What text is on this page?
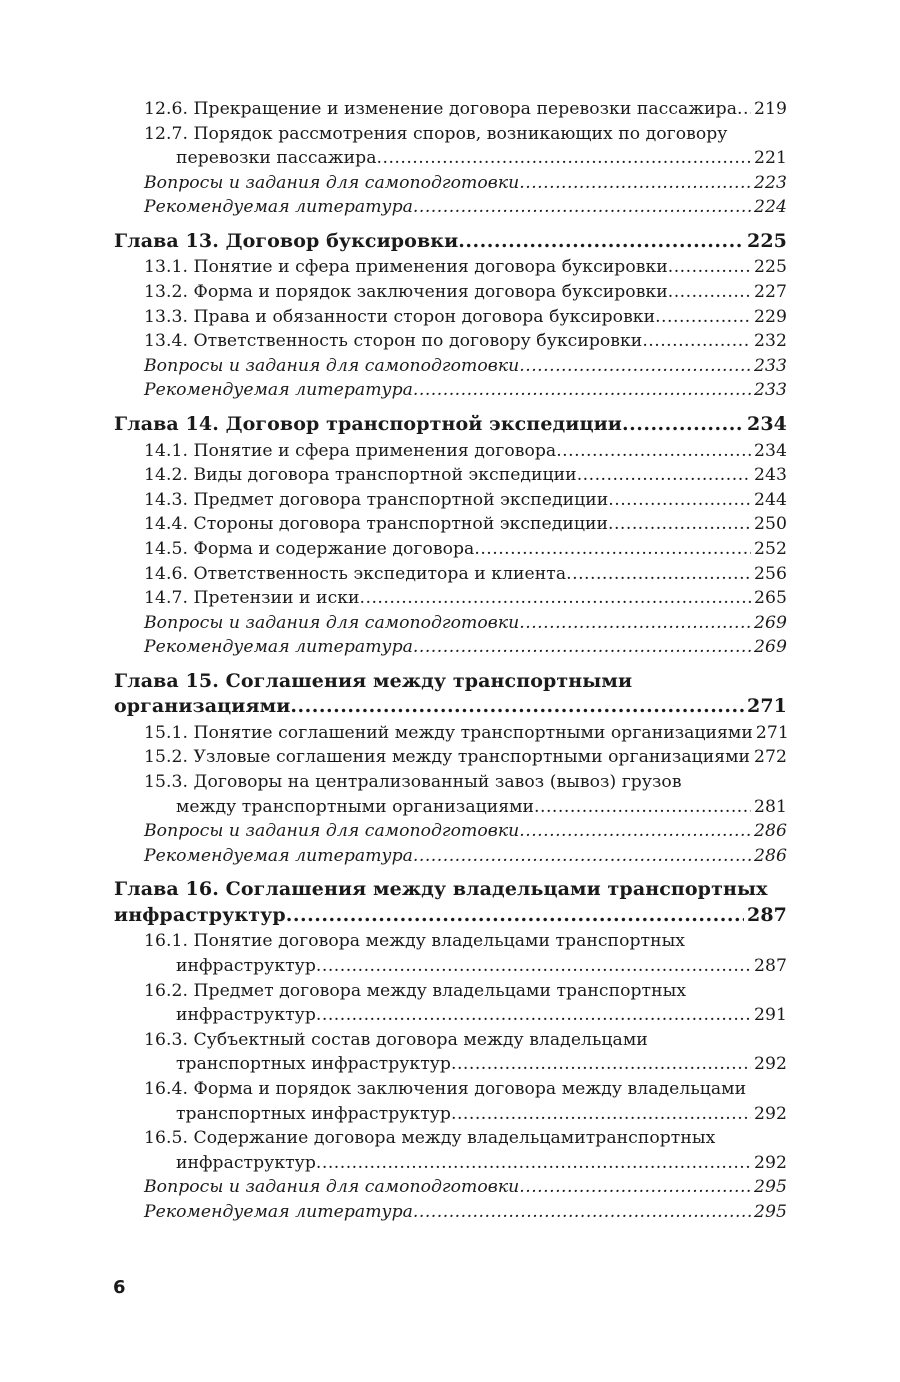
12.6. Прекращение и изменение договора перевозки пассажира ..... 219
12.7. Порядок рассмотрения споров, возникающих по договору
перевозки пассажира .....	221
Вопросы и задания для самоподготовки .....	223
Рекомендуемая литература .....	224
Глава 13. Договор буксировки .....	225
13.1. Понятие и сфера применения договора буксировки .....	225
13.2. Форма и порядок заключения договора буксировки .....	227
13.3. Права и обязанности сторон договора буксировки .....	229
13.4. Ответственность сторон по договору буксировки .....	232
Вопросы и задания для самоподготовки .....	233
Рекомендуемая литература .....	233
Глава 14. Договор транспортной экспедиции .....	234
14.1. Понятие и сфера применения договора .....	234
14.2. Виды договора транспортной экспедиции .....	243
14.3. Предмет договора транспортной экспедиции .....	244
14.4. Стороны договора транспортной экспедиции .....	250
14.5. Форма и содержание договора .....	252
14.6. Ответственность экспедитора и клиента .....	256
14.7. Претензии и иски .....	265
Вопросы и задания для самоподготовки .....	269
Рекомендуемая литература .....	269
Глава 15. Соглашения между транспортными
организациями .....	271
15.1. Понятие соглашений между транспортными организациями 271
15.2. Узловые соглашения между транспортными организациями ..... 272
15.3. Договоры на централизованный завоз (вывоз) грузов
между транспортными организациями .....	281
Вопросы и задания для самоподготовки .....	286
Рекомендуемая литература .....	286
Глава 16. Соглашения между владельцами транспортных
инфраструктур .....	287
16.1. Понятие договора между владельцами транспортных
инфраструктур .....	287
16.2. Предмет договора между владельцами транспортных
инфраструктур .....	291
16.3. Субъектный состав договора между владельцами
транспортных инфраструктур .....	292
16.4. Форма и порядок заключения договора между владельцами
транспортных инфраструктур .....	292
16.5. Содержание договора между владельцамитранспортных
инфраструктур .....	292
Вопросы и задания для самоподготовки .....	295
Рекомендуемая литература .....	295
6
